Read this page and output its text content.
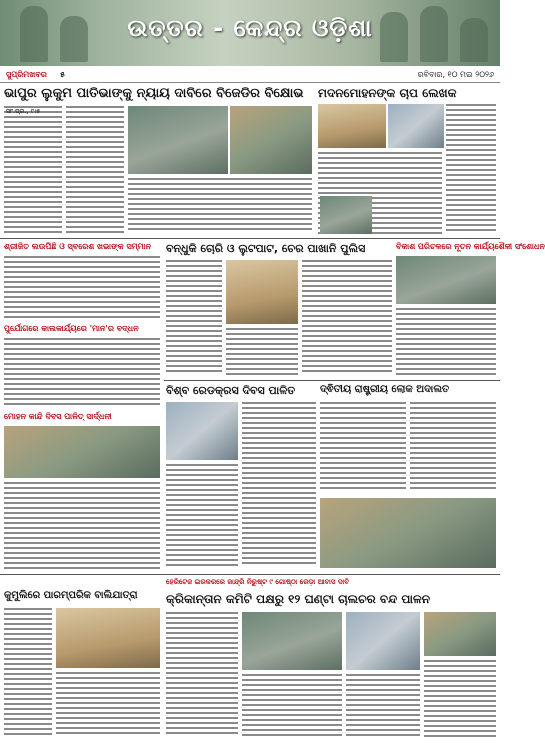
ଉତ୍ତର - କେନ୍ଦ୍ର ଓଡ଼ିଶା
ସୁପ୍ରିମଖବର ୫	ରବିବାର, ୧୦ ମଇ ୨୦୨୬
ଭାପୁର ଲୁକୁମ ପାତିଭାଙ୍କୁ ନ୍ୟାୟ ଦାବିରେ ବିଜେଡିର ବିକ୍ଷୋଭ	ମଦନମୋହନଙ୍କ ଚାପ ଲେଖକ
ଶ୍ରୀଜିତ ଲଉପିଛି ଓ ସ୍ବରେଶ ଖଭାଙ୍କ ସମ୍ମାନ
ପୁର୍ଯୋଗରେ କାଲକାର୍ଯ୍ୟରେ 'ମାନ'ର ବଦ୍ଧନ
ମୋହନ କାନ୍ଦି ଦିବସ ପାଳିତ୍ ସାର୍ଦ୍ଧନୀ
ବନ୍ଧୁକି ଚୋରି ଓ ଲୁଟପାଟ, ଚେର ପାଖାନି ପୁଲିସ	ବିକାଶ ପରିଚଳରେ ନୂତନ କାର୍ଯ୍ୟଶୈଳୀ ସଂଶୋଧନ
ବିଶ୍ବ ରେଡକ୍ରସ ଦିବସ ପାଳିତ	ଦ୍ଵିତୀୟ ରାଷ୍ଟ୍ରୀୟ ଲୋକ ଅଦାଲତ
ହେରିଟେଜ ଇରକରରେ ଜାନ୍ଦ୍ରି ନିରୁଷ୍ଟ ୯ ଗୋଷ୍ଠା ରେଡ଼ା ଆବାସ ଦାବି
କୁମୁଲିରେ ପାରମ୍ପରିକ ବାଲିଯାତ୍ରା	କ୍ରିକାନ୍ତାନ କମିଟି ପକ୍ଷରୁ ୧୨ ଘଣ୍ଟା ଚାଲଚର ବନ୍ଦ ପାଳନ
ସାଂ.ପ୍ର., ୯।୫
